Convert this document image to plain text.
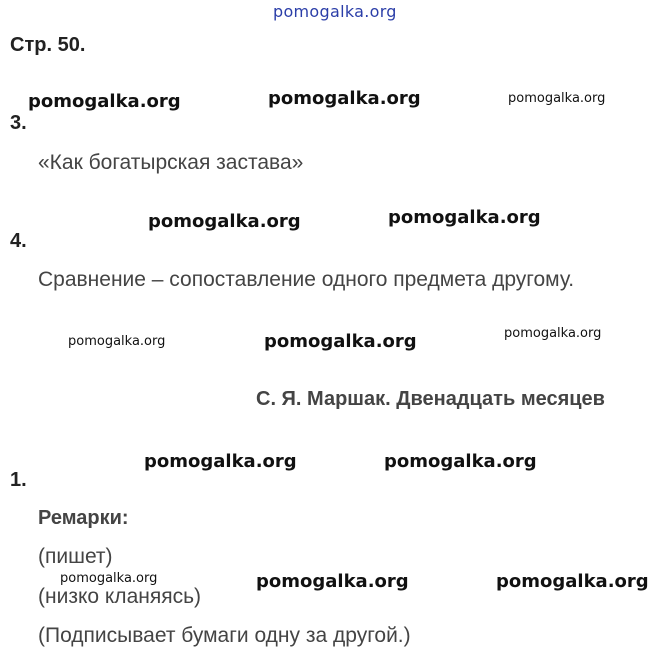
pomogalka.org
Стр. 50.
pomogalka.org	pomogalka.org	pomogalka.org
3.
«Как богатырская застава»
pomogalka.org	pomogalka.org
4.
Сравнение – сопоставление одного предмета другому.
pomogalka.org	pomogalka.org	pomogalka.org
С. Я. Маршак. Двенадцать месяцев
pomogalka.org	pomogalka.org
1.
Ремарки:
(пишет)
pomogalka.org	pomogalka.org	pomogalka.org
(низко кланяясь)
(Подписывает бумаги одну за другой.)
